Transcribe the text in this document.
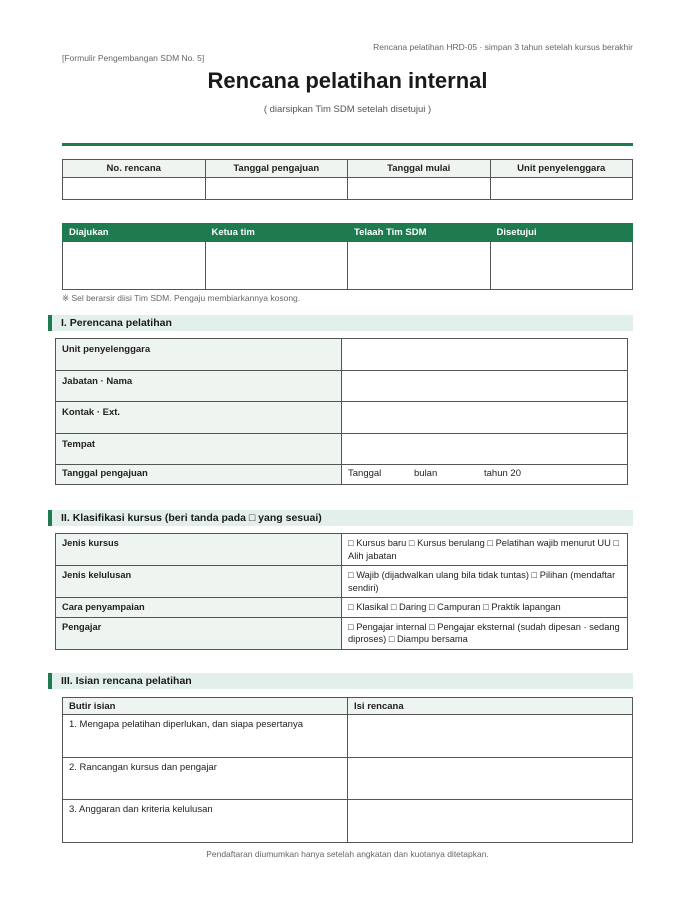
Rencana pelatihan HRD-05 · simpan 3 tahun setelah kursus berakhir
[Formulir Pengembangan SDM No. 5]
Rencana pelatihan internal
( diarsipkan Tim SDM setelah disetujui )
No. rencana	Tanggal pengajuan	Tanggal mulai	Unit penyelenggara

Diajukan	Ketua tim	Telaah Tim SDM	Disetujui

※ Sel berarsir diisi Tim SDM. Pengaju membiarkannya kosong.
I. Perencana pelatihan
Unit penyelenggara	
Jabatan · Nama	
Kontak · Ext.	
Tempat	
Tanggal pengajuan	Tanggal bulan tahun 20
II. Klasifikasi kursus (beri tanda pada □ yang sesuai)
Jenis kursus	□ Kursus baru □ Kursus berulang □ Pelatihan wajib menurut UU □ Alih jabatan
Jenis kelulusan	□ Wajib (dijadwalkan ulang bila tidak tuntas) □ Pilihan (mendaftar sendiri)
Cara penyampaian	□ Klasikal □ Daring □ Campuran □ Praktik lapangan
Pengajar	□ Pengajar internal □ Pengajar eksternal (sudah dipesan · sedang diproses) □ Diampu bersama
III. Isian rencana pelatihan
Butir isian	Isi rencana
1. Mengapa pelatihan diperlukan, dan siapa pesertanya	
2. Rancangan kursus dan pengajar	
3. Anggaran dan kriteria kelulusan	
Pendaftaran diumumkan hanya setelah angkatan dan kuotanya ditetapkan.
